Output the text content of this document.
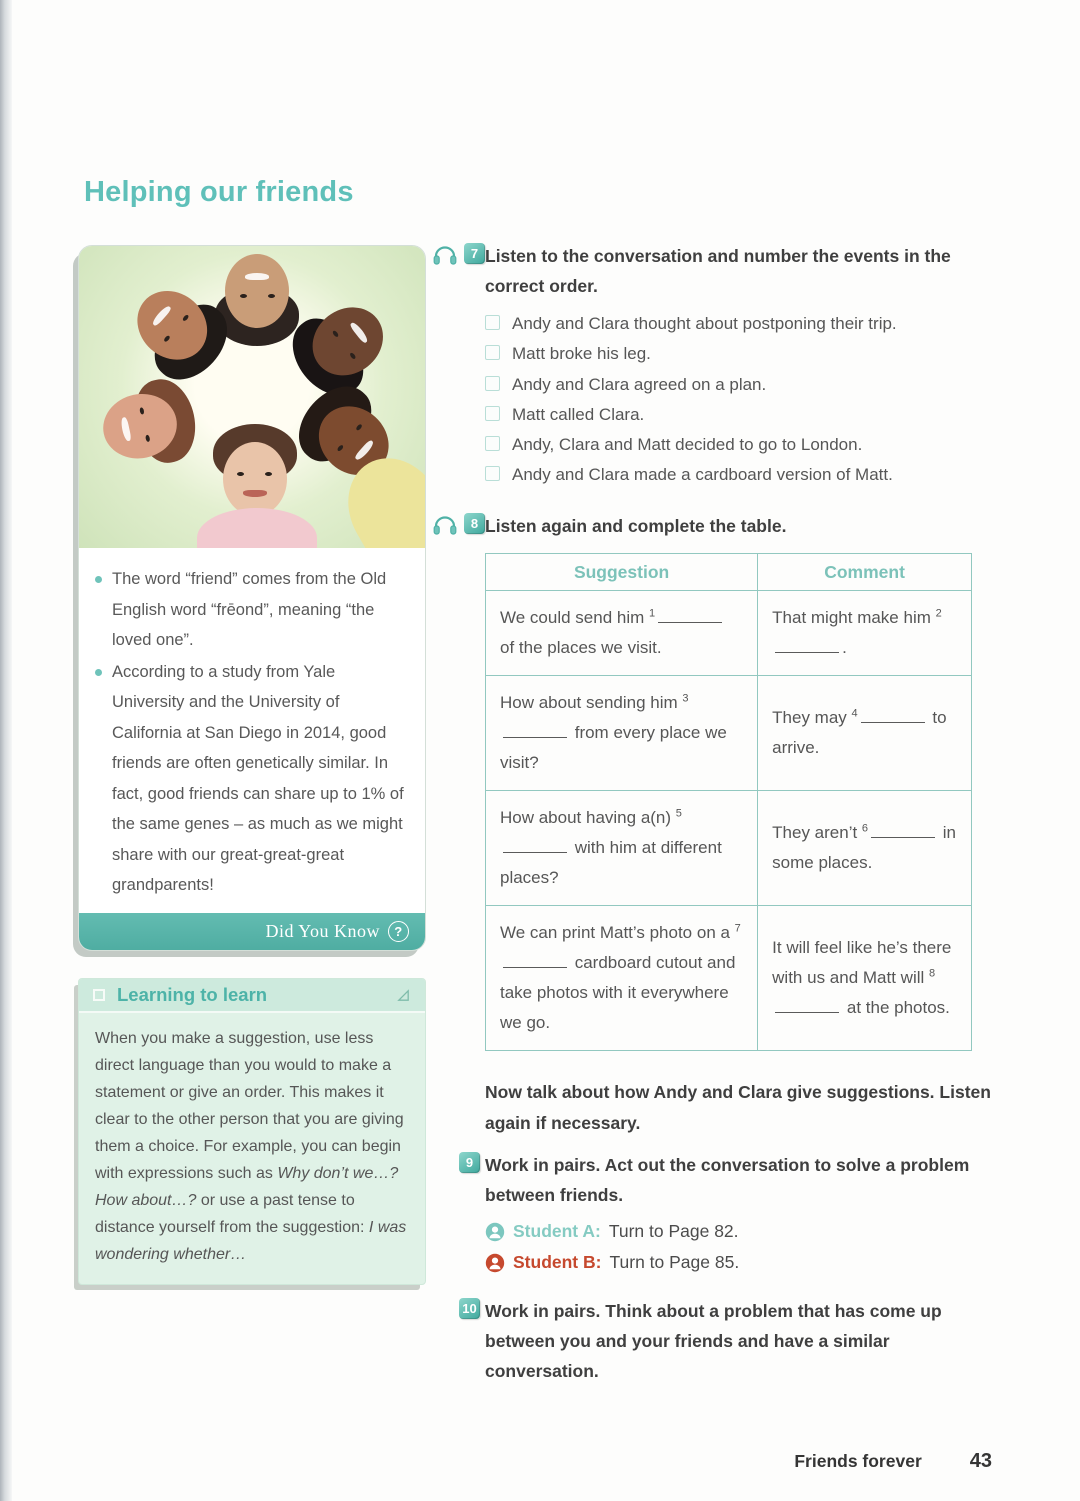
Helping our friends
The word “friend” comes from the Old English word “frēond”, meaning “the loved one”.
According to a study from Yale University and the University of California at San Diego in 2014, good friends are often genetically similar. In fact, good friends can share up to 1% of the same genes – as much as we might share with our great-great-great grandparents!
Did You Know	?
Learning to learn

When you make a suggestion, use less direct language than you would to make a statement or give an order. This makes it clear to the other person that you are giving them a choice. For example, you can begin with expressions such as Why don’t we…? How about…? or use a past tense to distance yourself from the suggestion: I was wondering whether…

7 Listen to the conversation and number the events in the correct order.
Andy and Clara thought about postponing their trip.
Matt broke his leg.
Andy and Clara agreed on a plan.
Matt called Clara.
Andy, Clara and Matt decided to go to London.
Andy and Clara made a cardboard version of Matt.
8 Listen again and complete the table.
Suggestion	Comment
We could send him $^1$ of the places we visit.	That might make him $^2$.
How about sending him $^3$ from every place we visit?	They may $^4$ to arrive.
How about having a(n) $^5$ with him at different places?	They aren’t $^6$ in some places.
We can print Matt’s photo on a $^7$ cardboard cutout and take photos with it everywhere we go.	It will feel like he’s there with us and Matt will $^8$ at the photos.

Now talk about how Andy and Clara give suggestions. Listen again if necessary.

9 Work in pairs. Act out the conversation to solve a problem between friends.
Student A: Turn to Page 82.
Student B: Turn to Page 85.
10 Work in pairs. Think about a problem that has come up between you and your friends and have a similar conversation.
Friends forever 43
